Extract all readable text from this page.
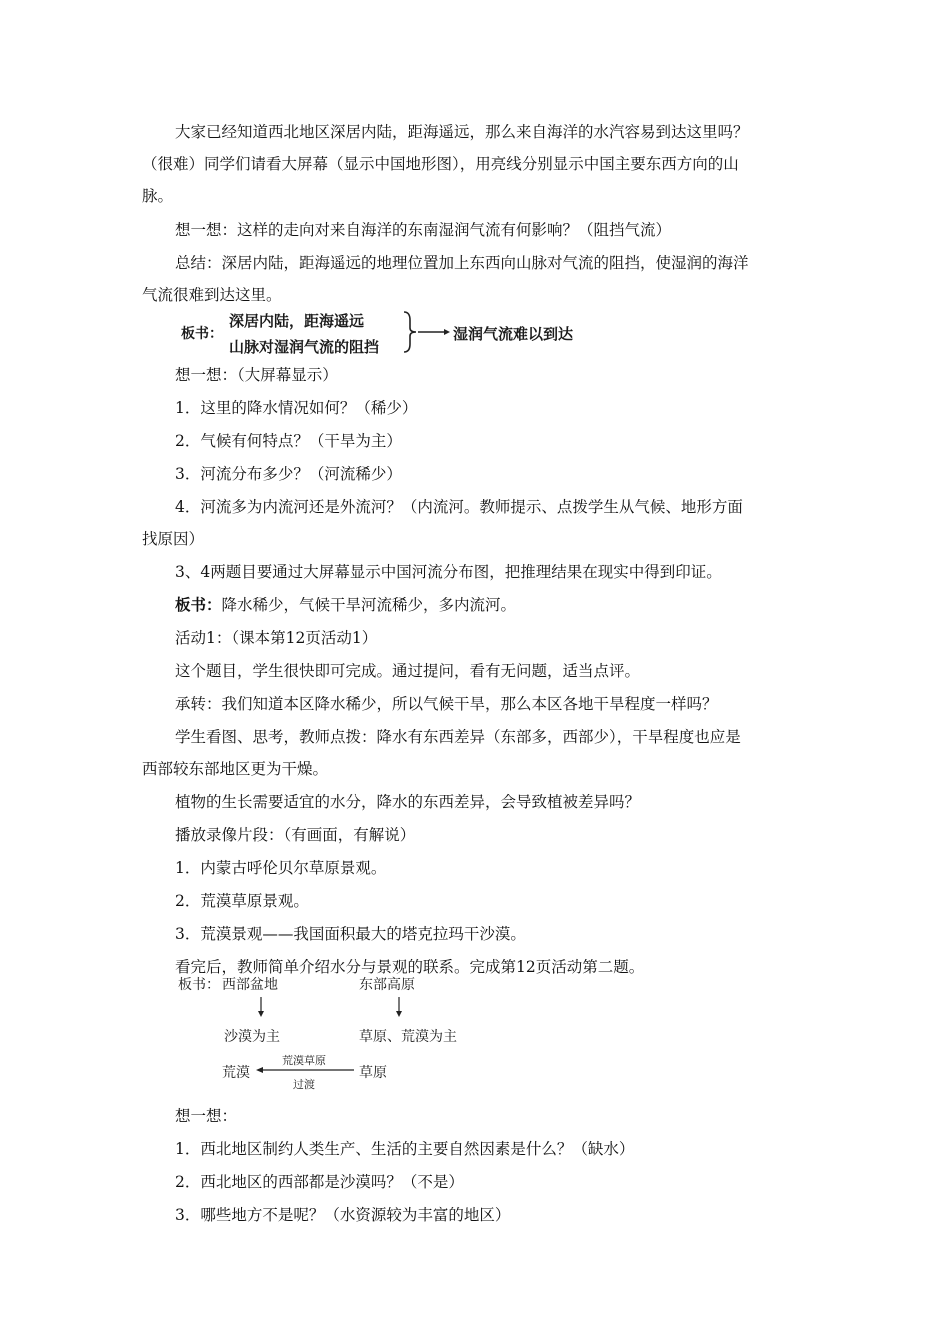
大家已经知道西北地区深居内陆，距海遥远，那么来自海洋的水汽容易到达这里吗？
（很难）同学们请看大屏幕（显示中国地形图），用亮线分别显示中国主要东西方向的山
脉。
想一想：这样的走向对来自海洋的东南湿润气流有何影响？（阻挡气流）
总结：深居内陆，距海遥远的地理位置加上东西向山脉对气流的阻挡，使湿润的海洋
气流很难到达这里。
板书：
深居内陆，距海遥远
山脉对湿润气流的阻挡
湿润气流难以到达
想一想：（大屏幕显示）
1．这里的降水情况如何？（稀少）
2．气候有何特点？（干旱为主）
3．河流分布多少？（河流稀少）
4．河流多为内流河还是外流河？（内流河。教师提示、点拨学生从气候、地形方面
找原因）
3、4两题目要通过大屏幕显示中国河流分布图，把推理结果在现实中得到印证。
板书：降水稀少，气候干旱河流稀少，多内流河。
活动1：（课本第12页活动1）
这个题目，学生很快即可完成。通过提问，看有无问题，适当点评。
承转：我们知道本区降水稀少，所以气候干旱，那么本区各地干旱程度一样吗？
学生看图、思考，教师点拨：降水有东西差异（东部多，西部少），干旱程度也应是
西部较东部地区更为干燥。
植物的生长需要适宜的水分，降水的东西差异，会导致植被差异吗？
播放录像片段：（有画面，有解说）
1．内蒙古呼伦贝尔草原景观。
2．荒漠草原景观。
3．荒漠景观——我国面积最大的塔克拉玛干沙漠。
看完后，教师简单介绍水分与景观的联系。完成第12页活动第二题。
板书： 西部盆地	东部高原
沙漠为主	草原、荒漠为主
荒漠
荒漠草原
过渡
草原
想一想：
1．西北地区制约人类生产、生活的主要自然因素是什么？（缺水）
2．西北地区的西部都是沙漠吗？（不是）
3．哪些地方不是呢？（水资源较为丰富的地区）
